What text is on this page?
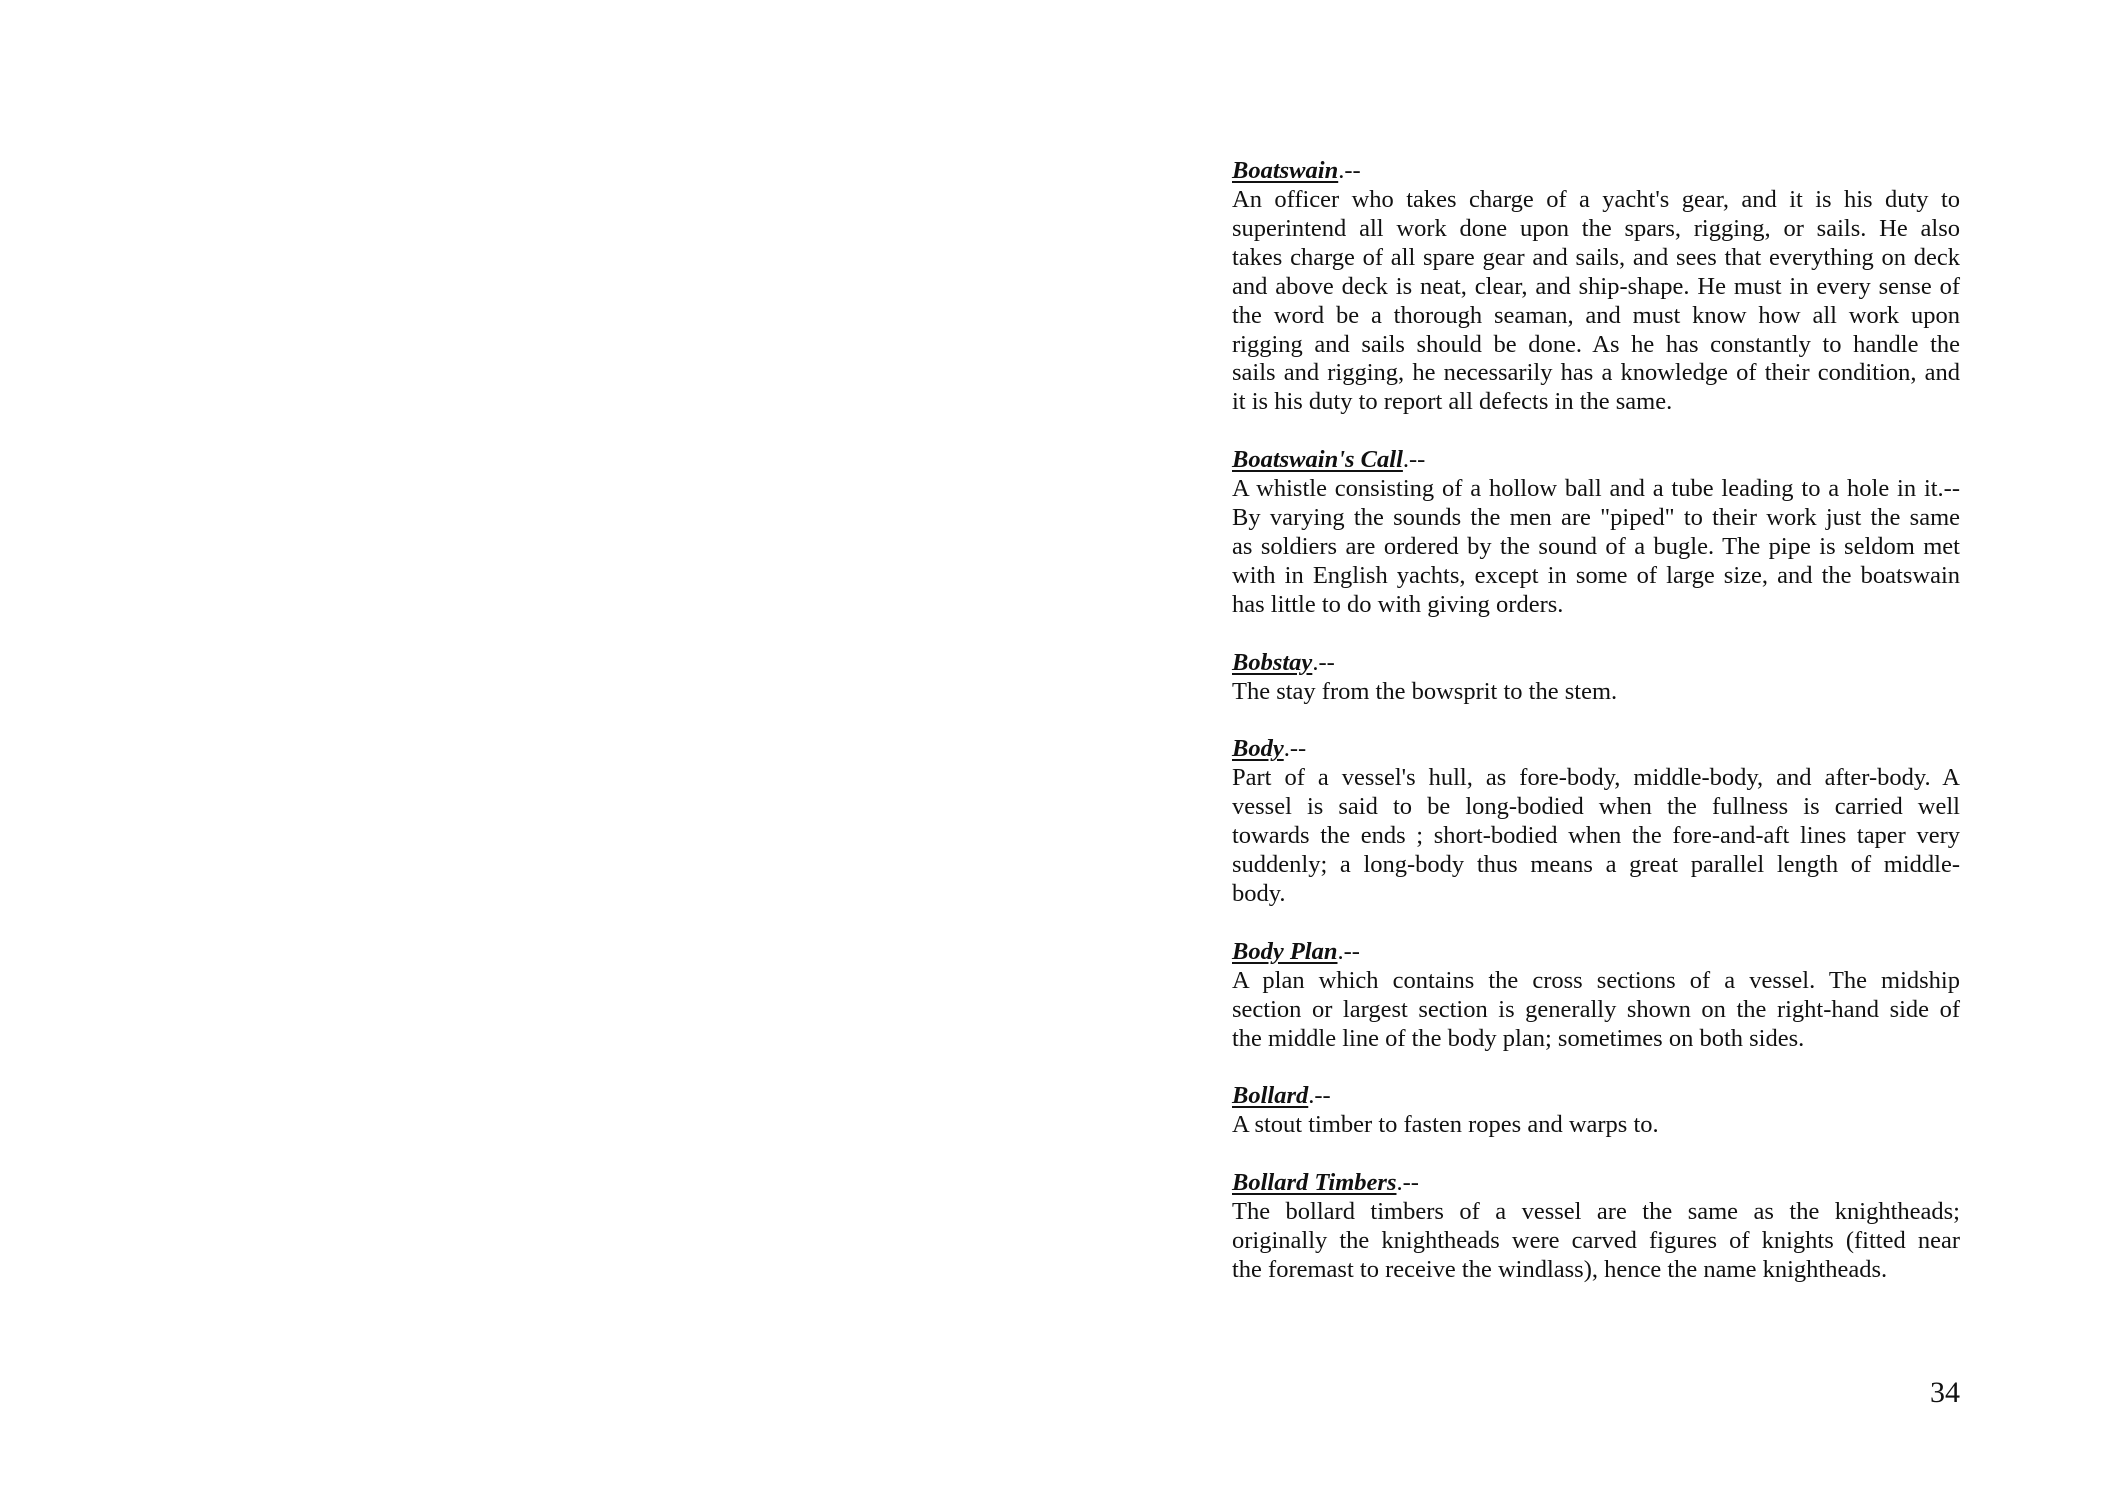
Boatswain.--
An officer who takes charge of a yacht's gear, and it is his duty to
superintend all work done upon the spars, rigging, or sails. He also
takes charge of all spare gear and sails, and sees that everything on deck
and above deck is neat, clear, and ship-shape. He must in every sense of
the word be a thorough seaman, and must know how all work upon
rigging and sails should be done. As he has constantly to handle the
sails and rigging, he necessarily has a knowledge of their condition, and
it is his duty to report all defects in the same.
Boatswain's Call.--
A whistle consisting of a hollow ball and a tube leading to a hole in it.--
By varying the sounds the men are "piped" to their work just the same
as soldiers are ordered by the sound of a bugle. The pipe is seldom met
with in English yachts, except in some of large size, and the boatswain
has little to do with giving orders.
Bobstay.--
The stay from the bowsprit to the stem.
Body.--
Part of a vessel's hull, as fore-body, middle-body, and after-body. A
vessel is said to be long-bodied when the fullness is carried well
towards the ends ; short-bodied when the fore-and-aft lines taper very
suddenly; a long-body thus means a great parallel length of middle-
body.
Body Plan.--
A plan which contains the cross sections of a vessel. The midship
section or largest section is generally shown on the right-hand side of
the middle line of the body plan; sometimes on both sides.
Bollard.--
A stout timber to fasten ropes and warps to.
Bollard Timbers.--
The bollard timbers of a vessel are the same as the knightheads;
originally the knightheads were carved figures of knights (fitted near
the foremast to receive the windlass), hence the name knightheads.
34
